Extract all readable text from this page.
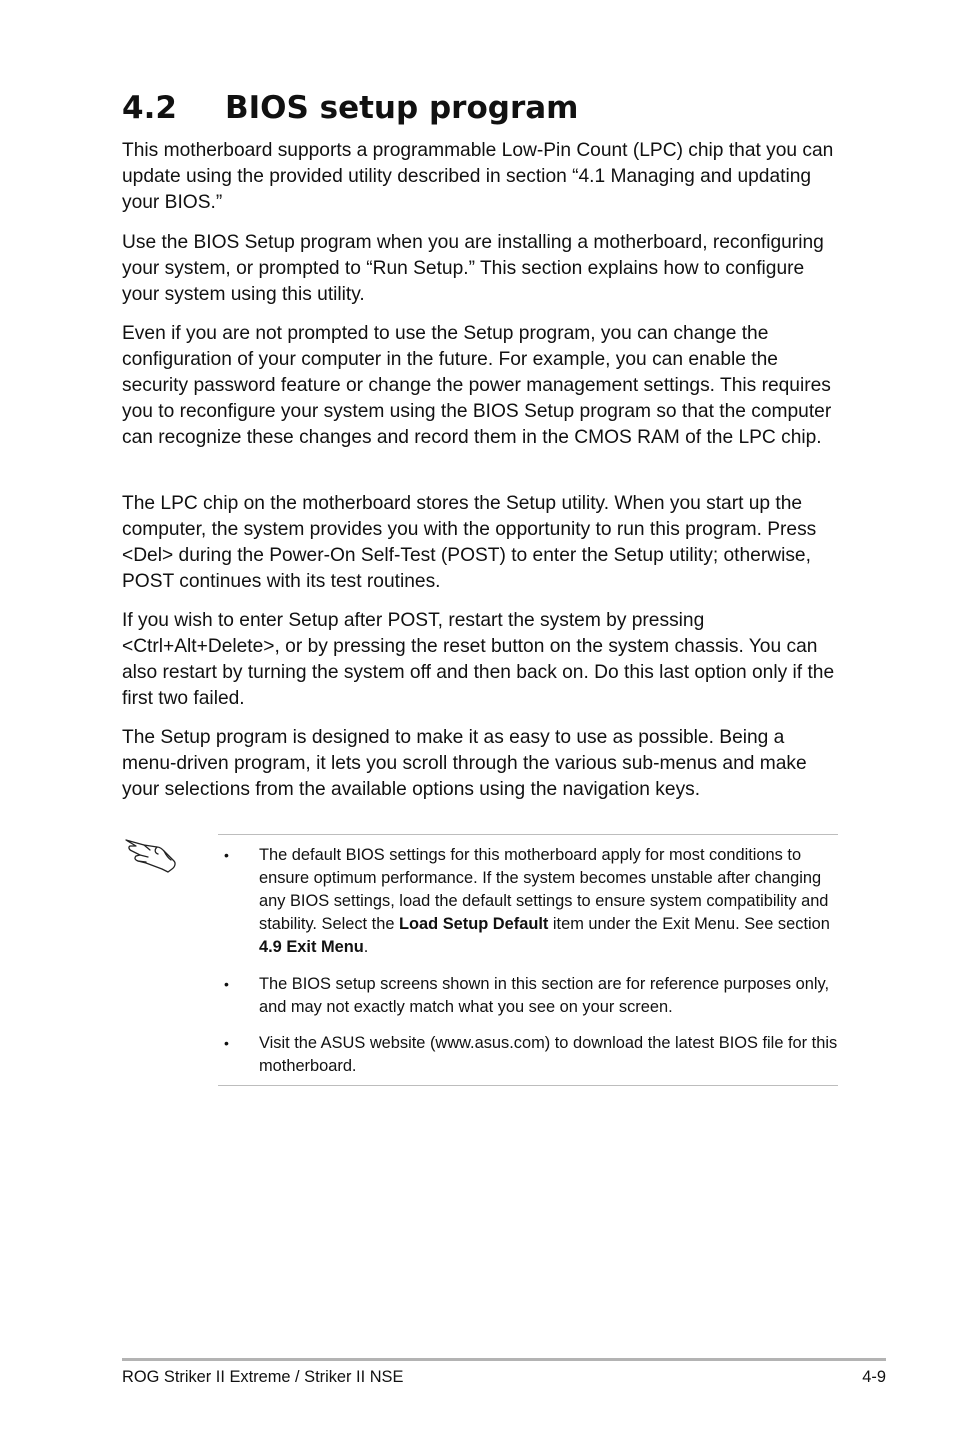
4.2 BIOS setup program

This motherboard supports a programmable Low-Pin Count (LPC) chip that you can update using the provided utility described in section “4.1 Managing and updating your BIOS.”

Use the BIOS Setup program when you are installing a motherboard, reconfiguring your system, or prompted to “Run Setup.” This section explains how to configure your system using this utility.

Even if you are not prompted to use the Setup program, you can change the configuration of your computer in the future. For example, you can enable the security password feature or change the power management settings. This requires you to reconfigure your system using the BIOS Setup program so that the computer can recognize these changes and record them in the CMOS RAM of the LPC chip.

The LPC chip on the motherboard stores the Setup utility. When you start up the computer, the system provides you with the opportunity to run this program. Press <Del> during the Power-On Self-Test (POST) to enter the Setup utility; otherwise, POST continues with its test routines.

If you wish to enter Setup after POST, restart the system by pressing <Ctrl+Alt+Delete>, or by pressing the reset button on the system chassis. You can also restart by turning the system off and then back on. Do this last option only if the first two failed.

The Setup program is designed to make it as easy to use as possible. Being a menu-driven program, it lets you scroll through the various sub-menus and make your selections from the available options using the navigation keys.

• The default BIOS settings for this motherboard apply for most conditions to ensure optimum performance. If the system becomes unstable after changing any BIOS settings, load the default settings to ensure system compatibility and stability. Select the Load Setup Default item under the Exit Menu. See section 4.9 Exit Menu.
• The BIOS setup screens shown in this section are for reference purposes only, and may not exactly match what you see on your screen.
• Visit the ASUS website (www.asus.com) to download the latest BIOS file for this motherboard.
ROG Striker II Extreme / Striker II NSE	4-9
